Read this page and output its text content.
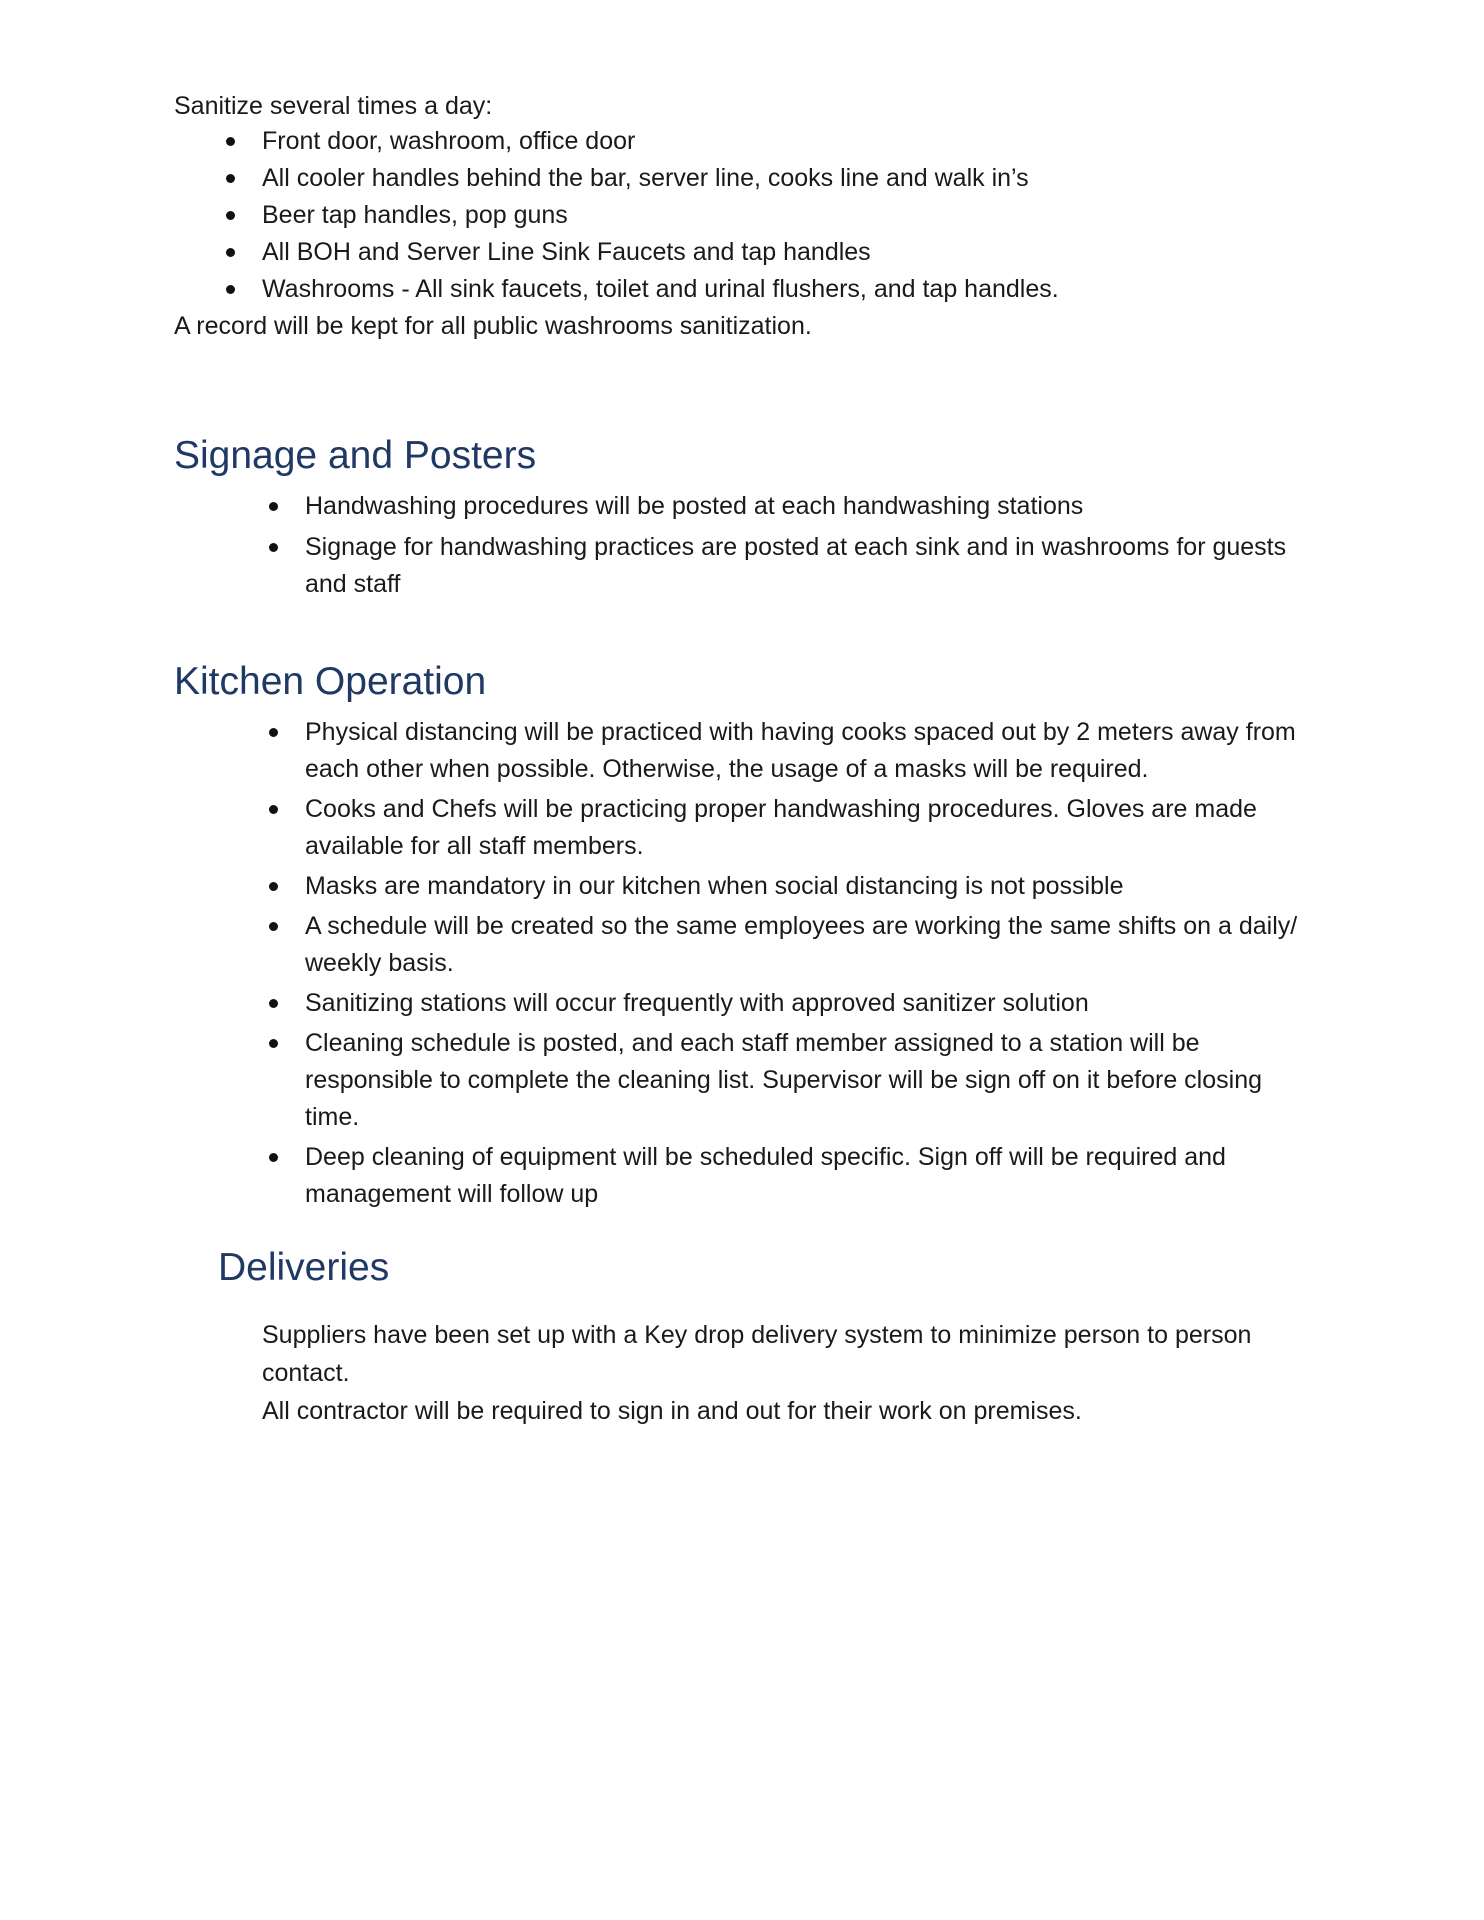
Sanitize several times a day:

Front door, washroom, office door
All cooler handles behind the bar, server line, cooks line and walk in’s
Beer tap handles, pop guns
All BOH and Server Line Sink Faucets and tap handles
Washrooms - All sink faucets, toilet and urinal flushers, and tap handles.

A record will be kept for all public washrooms sanitization.

Signage and Posters
Handwashing procedures will be posted at each handwashing stations
Signage for handwashing practices are posted at each sink and in washrooms for guests and staff
Kitchen Operation
Physical distancing will be practiced with having cooks spaced out by 2 meters away from each other when possible. Otherwise, the usage of a masks will be required.
Cooks and Chefs will be practicing proper handwashing procedures. Gloves are made available for all staff members.
Masks are mandatory in our kitchen when social distancing is not possible
A schedule will be created so the same employees are working the same shifts on a daily/ weekly basis.
Sanitizing stations will occur frequently with approved sanitizer solution
Cleaning schedule is posted, and each staff member assigned to a station will be responsible to complete the cleaning list. Supervisor will be sign off on it before closing time.
Deep cleaning of equipment will be scheduled specific. Sign off will be required and management will follow up
Deliveries

Suppliers have been set up with a Key drop delivery system to minimize person to person contact.

All contractor will be required to sign in and out for their work on premises.
